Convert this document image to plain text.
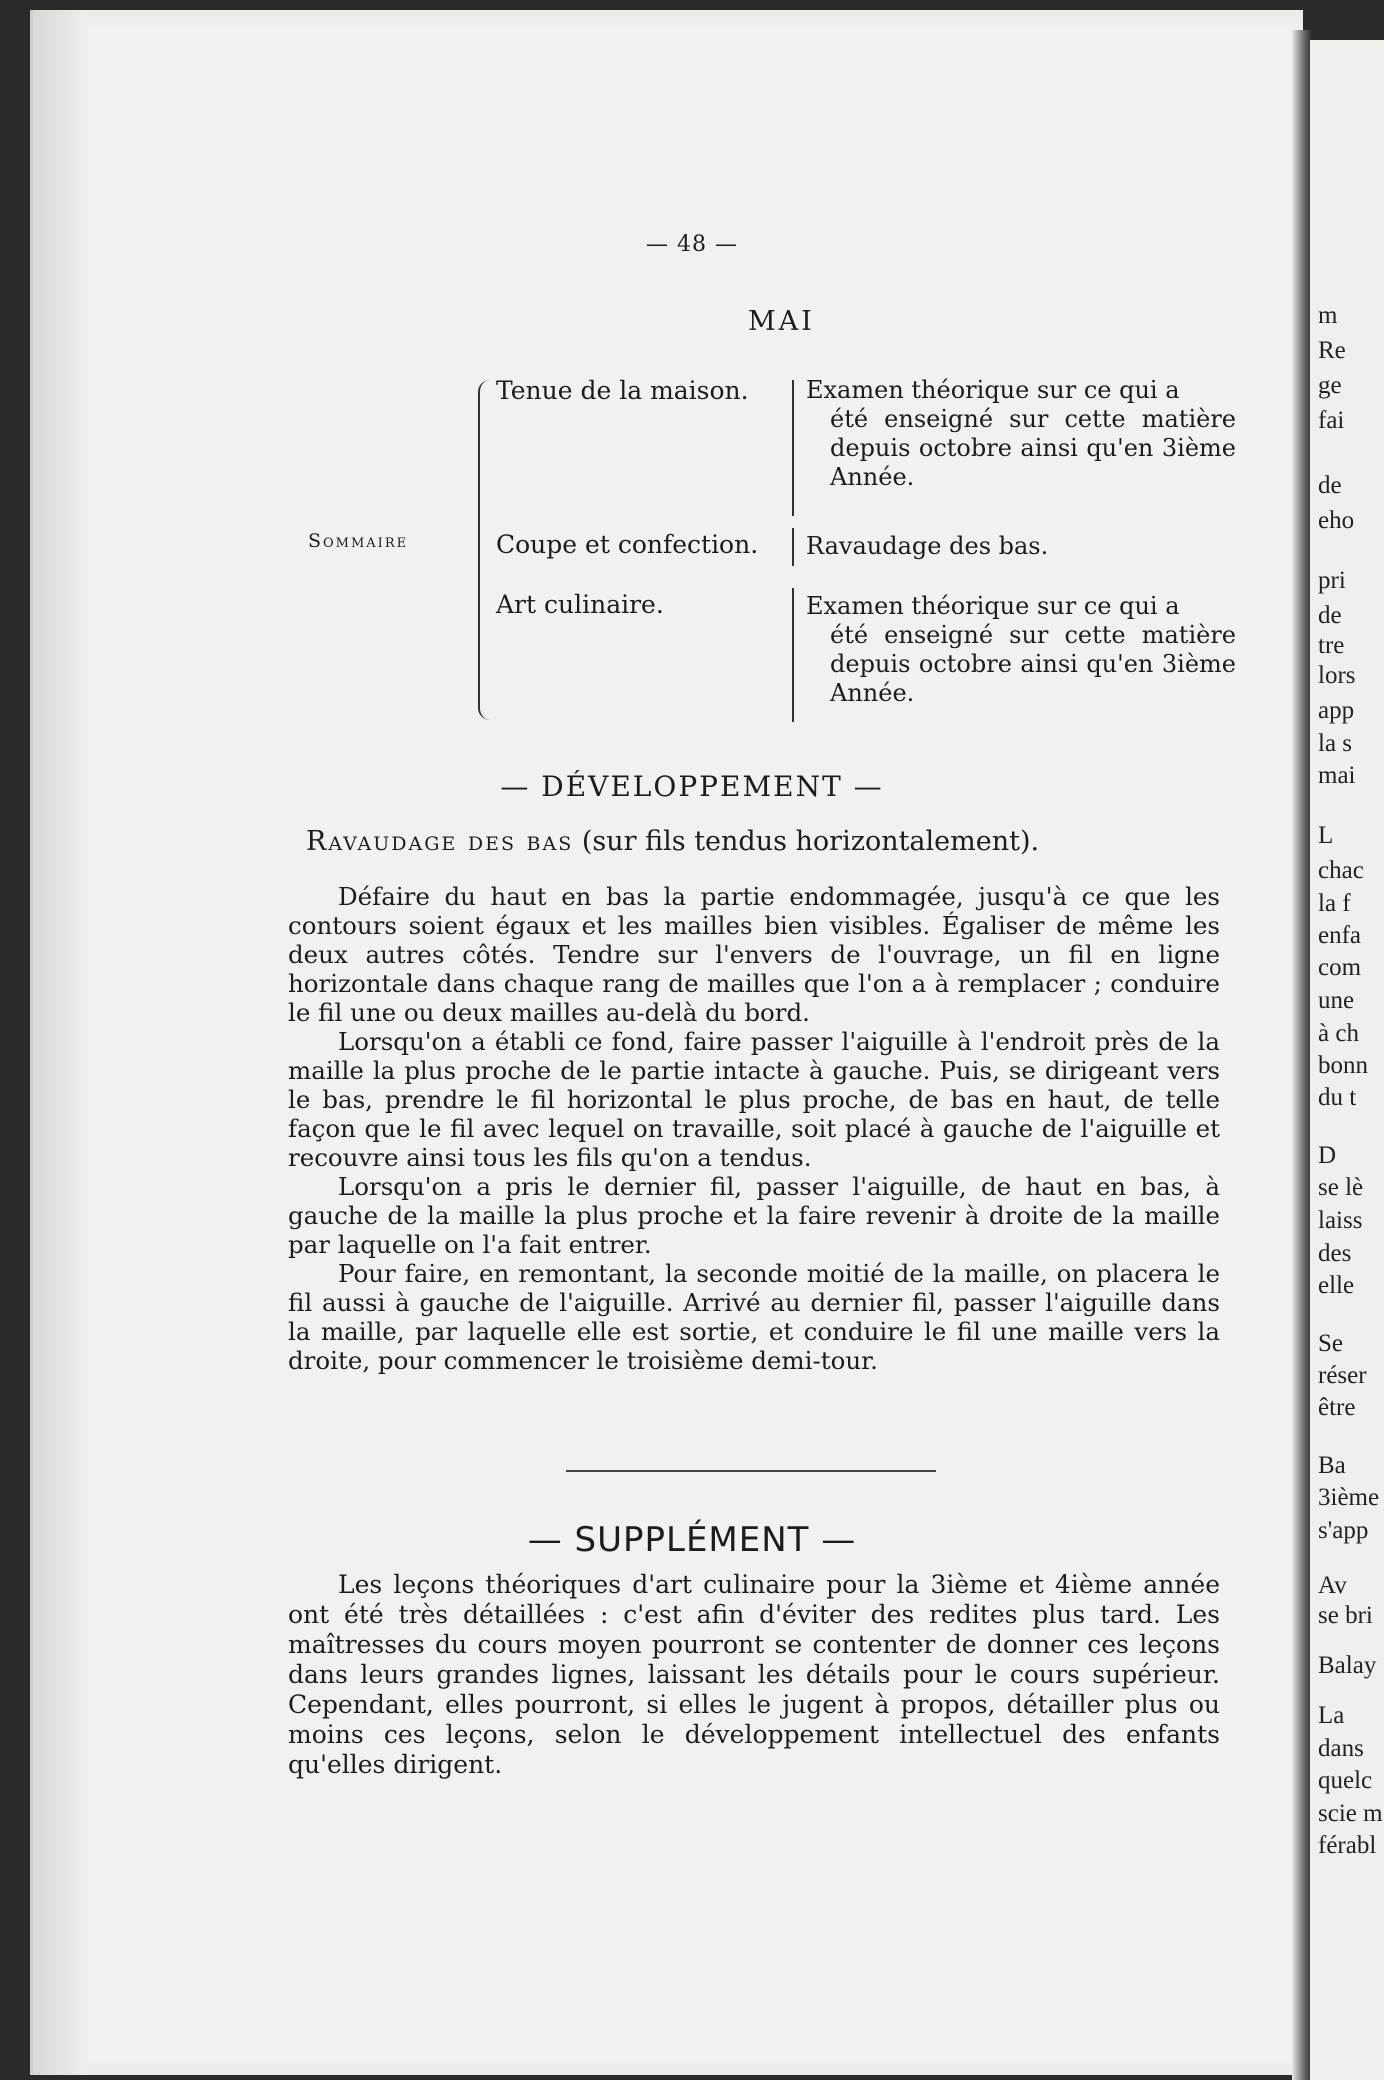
m
Re
ge
fai
de
eho
pri
de
tre
lors
app
la s
mai
L
chac
la f
enfa
com
une
à ch
bonn
du t
D
se lè
laiss
des
elle
Se
réser
être
Ba
3ième
s'app
Av
se bri
Balay
La
dans
quelc
scie m
férabl
— 48 —
MAI
Sommaire
Tenue de la maison.
Coupe et confection.
Art culinaire.
Examen théorique sur ce qui a
été enseigné sur cette matière depuis octobre ainsi qu'en 3ième Année.
Ravaudage des bas.
Examen théorique sur ce qui a
été enseigné sur cette matière depuis octobre ainsi qu'en 3ième Année.
— DÉVELOPPEMENT —
Ravaudage des bas (sur fils tendus horizontalement).

Défaire du haut en bas la partie endommagée, jusqu'à ce que les contours soient égaux et les mailles bien visibles. Égaliser de même les deux autres côtés. Tendre sur l'envers de l'ouvrage, un fil en ligne horizontale dans chaque rang de mailles que l'on a à remplacer ; conduire le fil une ou deux mailles au-delà du bord.

Lorsqu'on a établi ce fond, faire passer l'aiguille à l'endroit près de la maille la plus proche de le partie intacte à gauche. Puis, se dirigeant vers le bas, prendre le fil horizontal le plus proche, de bas en haut, de telle façon que le fil avec lequel on travaille, soit placé à gauche de l'aiguille et recouvre ainsi tous les fils qu'on a tendus.

Lorsqu'on a pris le dernier fil, passer l'aiguille, de haut en bas, à gauche de la maille la plus proche et la faire revenir à droite de la maille par laquelle on l'a fait entrer.

Pour faire, en remontant, la seconde moitié de la maille, on placera le fil aussi à gauche de l'aiguille. Arrivé au dernier fil, passer l'aiguille dans la maille, par laquelle elle est sortie, et conduire le fil une maille vers la droite, pour commencer le troisième demi-tour.

— SUPPLÉMENT —

Les leçons théoriques d'art culinaire pour la 3ième et 4ième année ont été très détaillées : c'est afin d'éviter des redites plus tard. Les maîtresses du cours moyen pourront se contenter de donner ces leçons dans leurs grandes lignes, laissant les détails pour le cours supérieur. Cependant, elles pourront, si elles le jugent à propos, détailler plus ou moins ces leçons, selon le développement intellectuel des enfants qu'elles dirigent.
